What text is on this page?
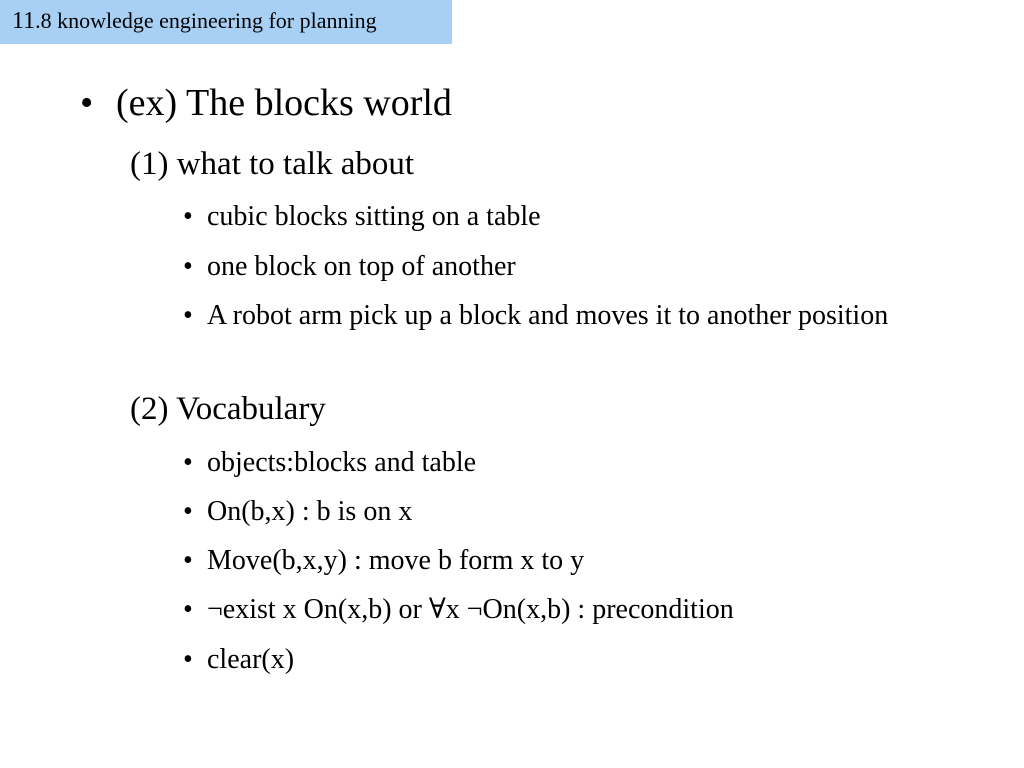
11.8 knowledge engineering for planning
• (ex) The blocks world
(1) what to talk about
• cubic blocks sitting on a table
• one block on top of another
• A robot arm pick up a block and moves it to another position
(2) Vocabulary
• objects:blocks and table
• On(b,x) : b is on x
• Move(b,x,y) : move b form x to y
• ¬exist x On(x,b) or ∀x ¬On(x,b) : precondition
• clear(x)
